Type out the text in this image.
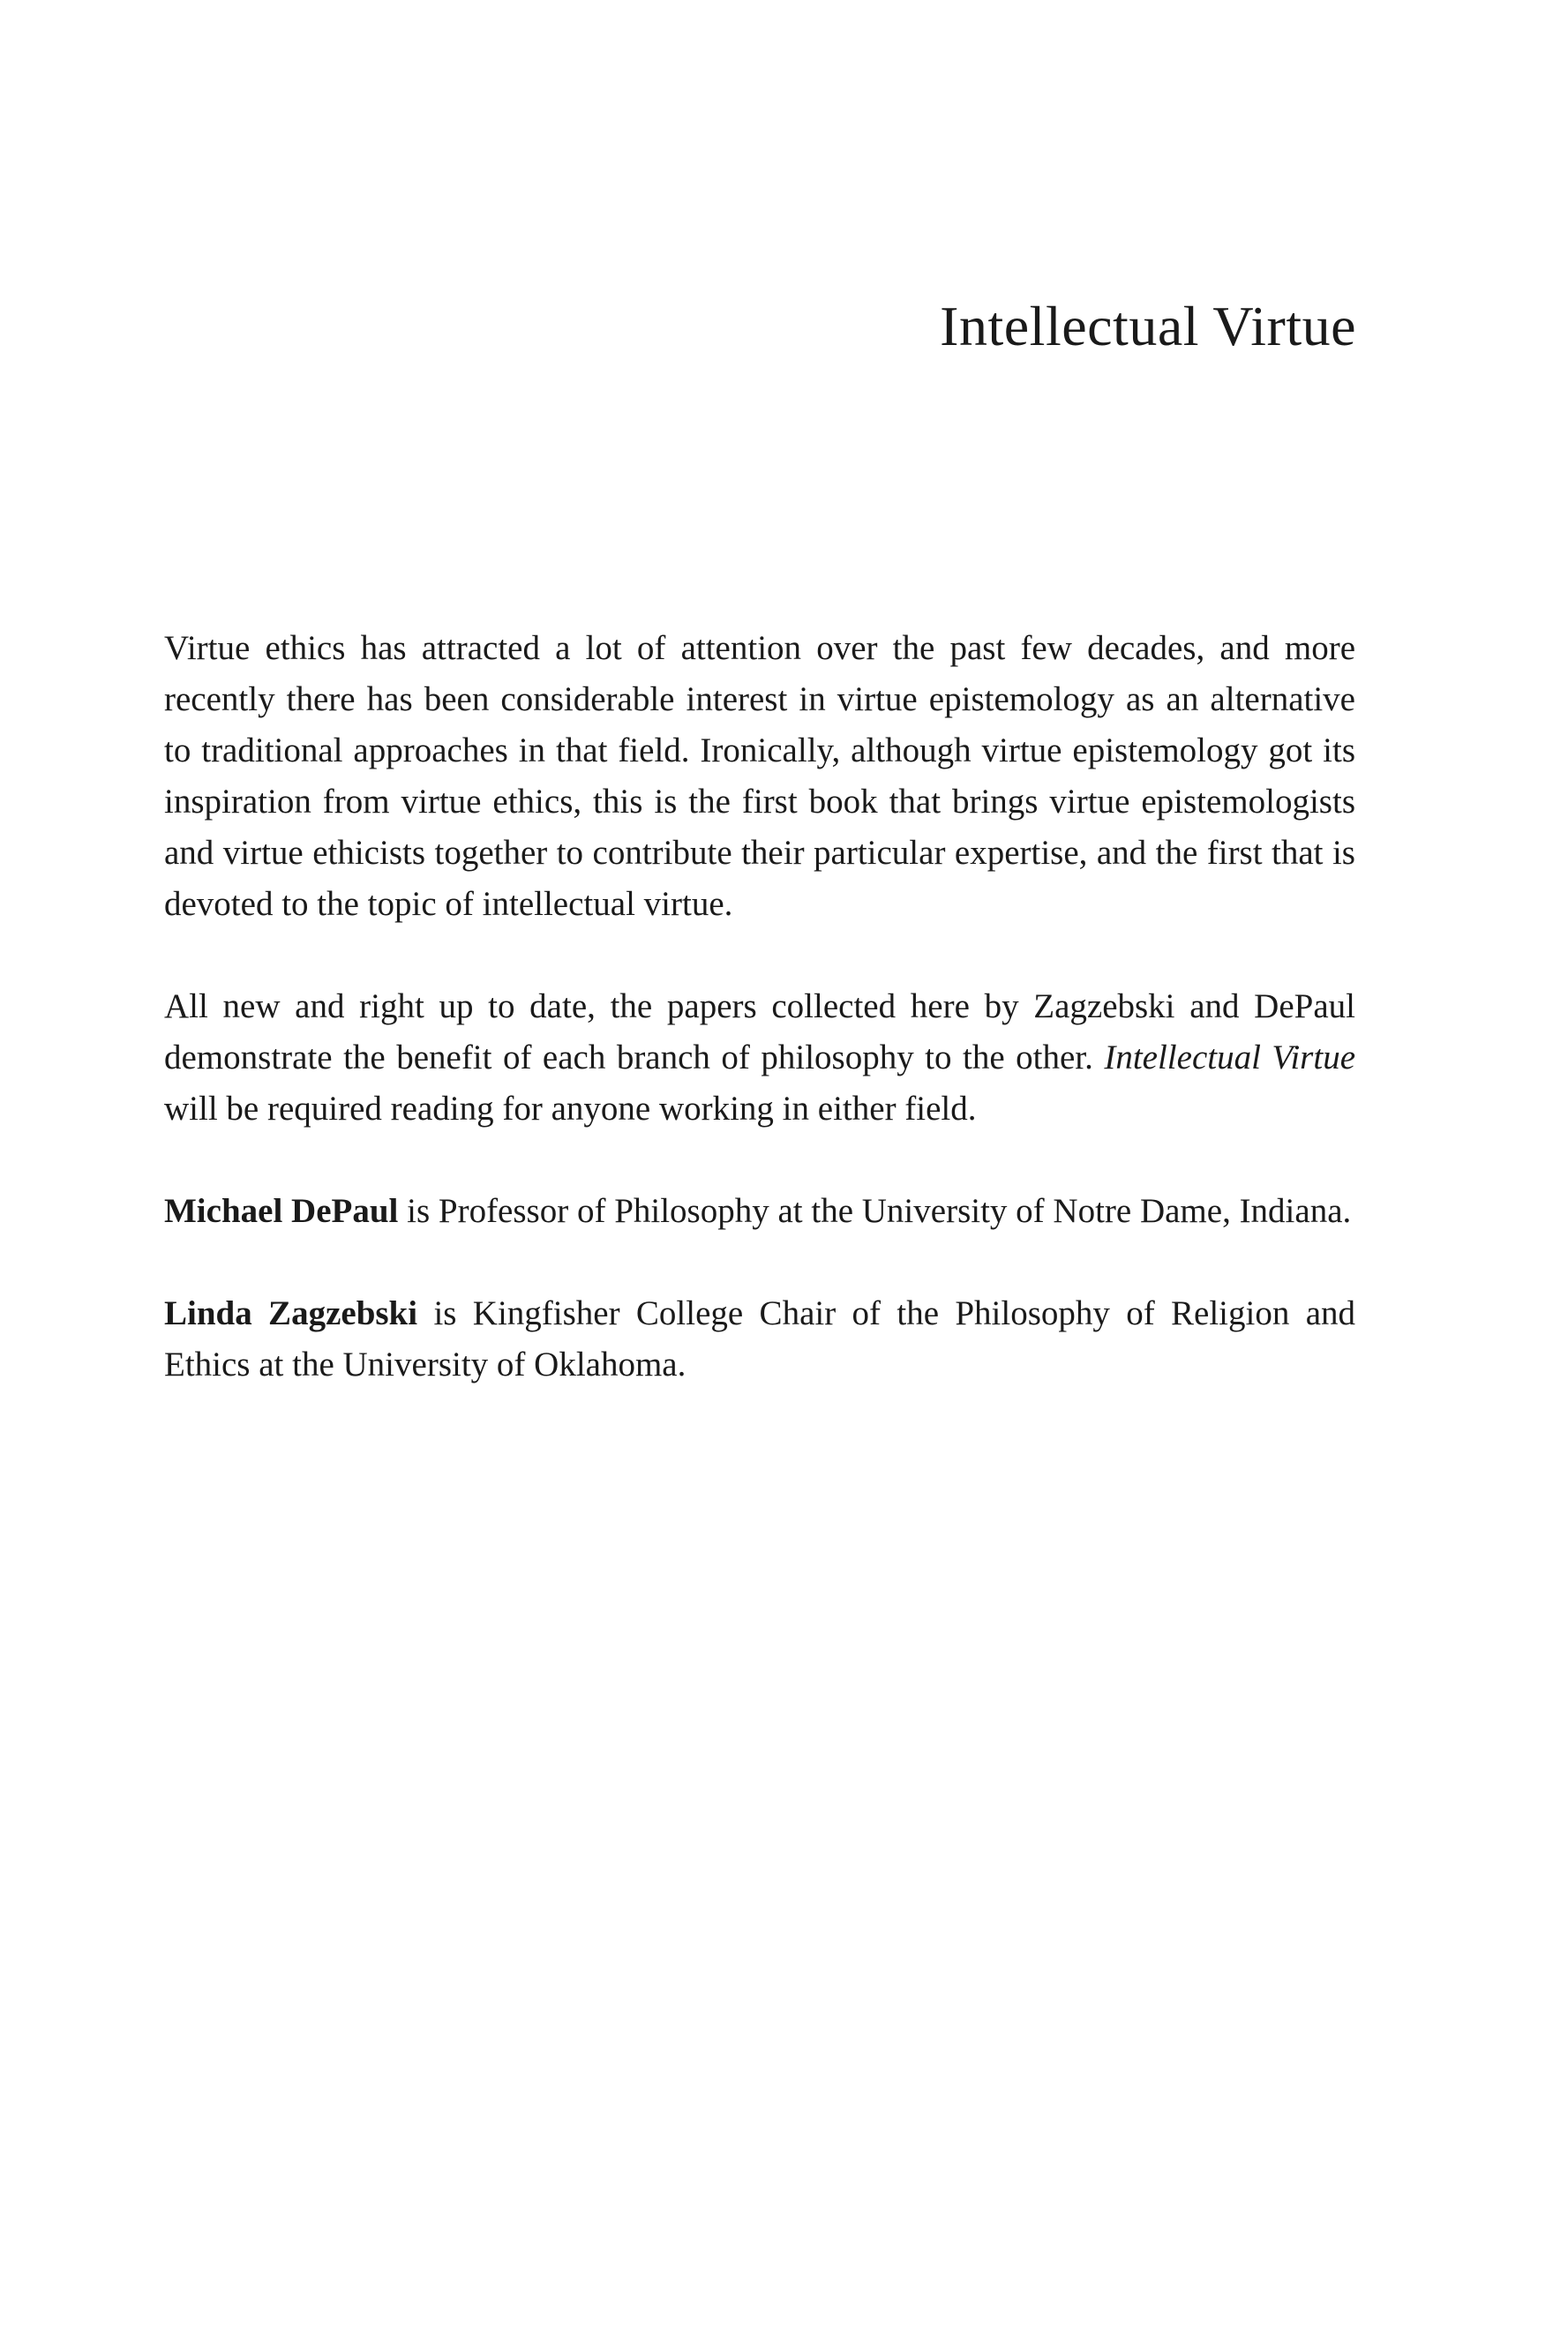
Intellectual Virtue

Virtue ethics has attracted a lot of attention over the past few decades, and more recently there has been considerable interest in virtue epistemology as an alternative to traditional approaches in that field. Ironically, although virtue epistemology got its inspiration from virtue ethics, this is the first book that brings virtue epistemologists and virtue ethicists together to contribute their particular expertise, and the first that is devoted to the topic of intellectual virtue.

All new and right up to date, the papers collected here by Zagzebski and DePaul demonstrate the benefit of each branch of philosophy to the other. Intellectual Virtue will be required reading for anyone working in either field.

Michael DePaul is Professor of Philosophy at the University of Notre Dame, Indiana.

Linda Zagzebski is Kingfisher College Chair of the Philosophy of Religion and Ethics at the University of Oklahoma.
